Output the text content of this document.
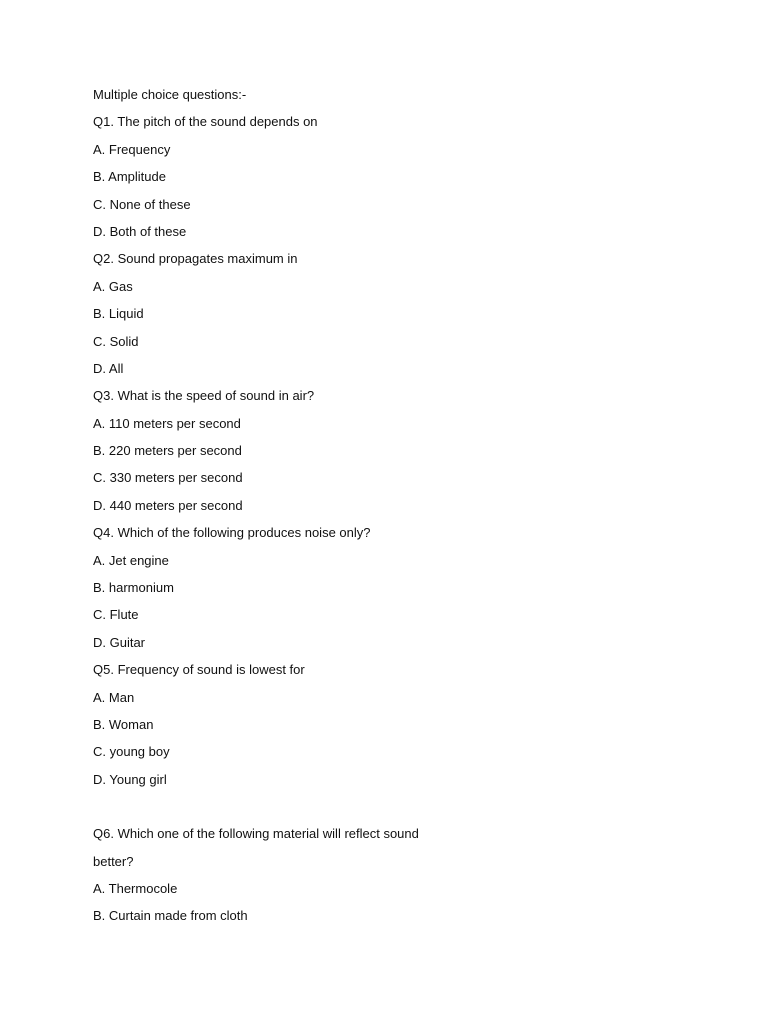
Multiple choice questions:-
Q1. The pitch of the sound depends on
A. Frequency
B. Amplitude
C. None of these
D. Both of these
Q2. Sound propagates maximum in
A. Gas
B. Liquid
C. Solid
D. All
Q3. What is the speed of sound in air?
A. 110 meters per second
B. 220 meters per second
C. 330 meters per second
D. 440 meters per second
Q4. Which of the following produces noise only?
A. Jet engine
B. harmonium
C. Flute
D. Guitar
Q5. Frequency of sound is lowest for
A. Man
B. Woman
C. young boy
D. Young girl
Q6. Which one of the following material will reflect sound
better?
A. Thermocole
B. Curtain made from cloth
